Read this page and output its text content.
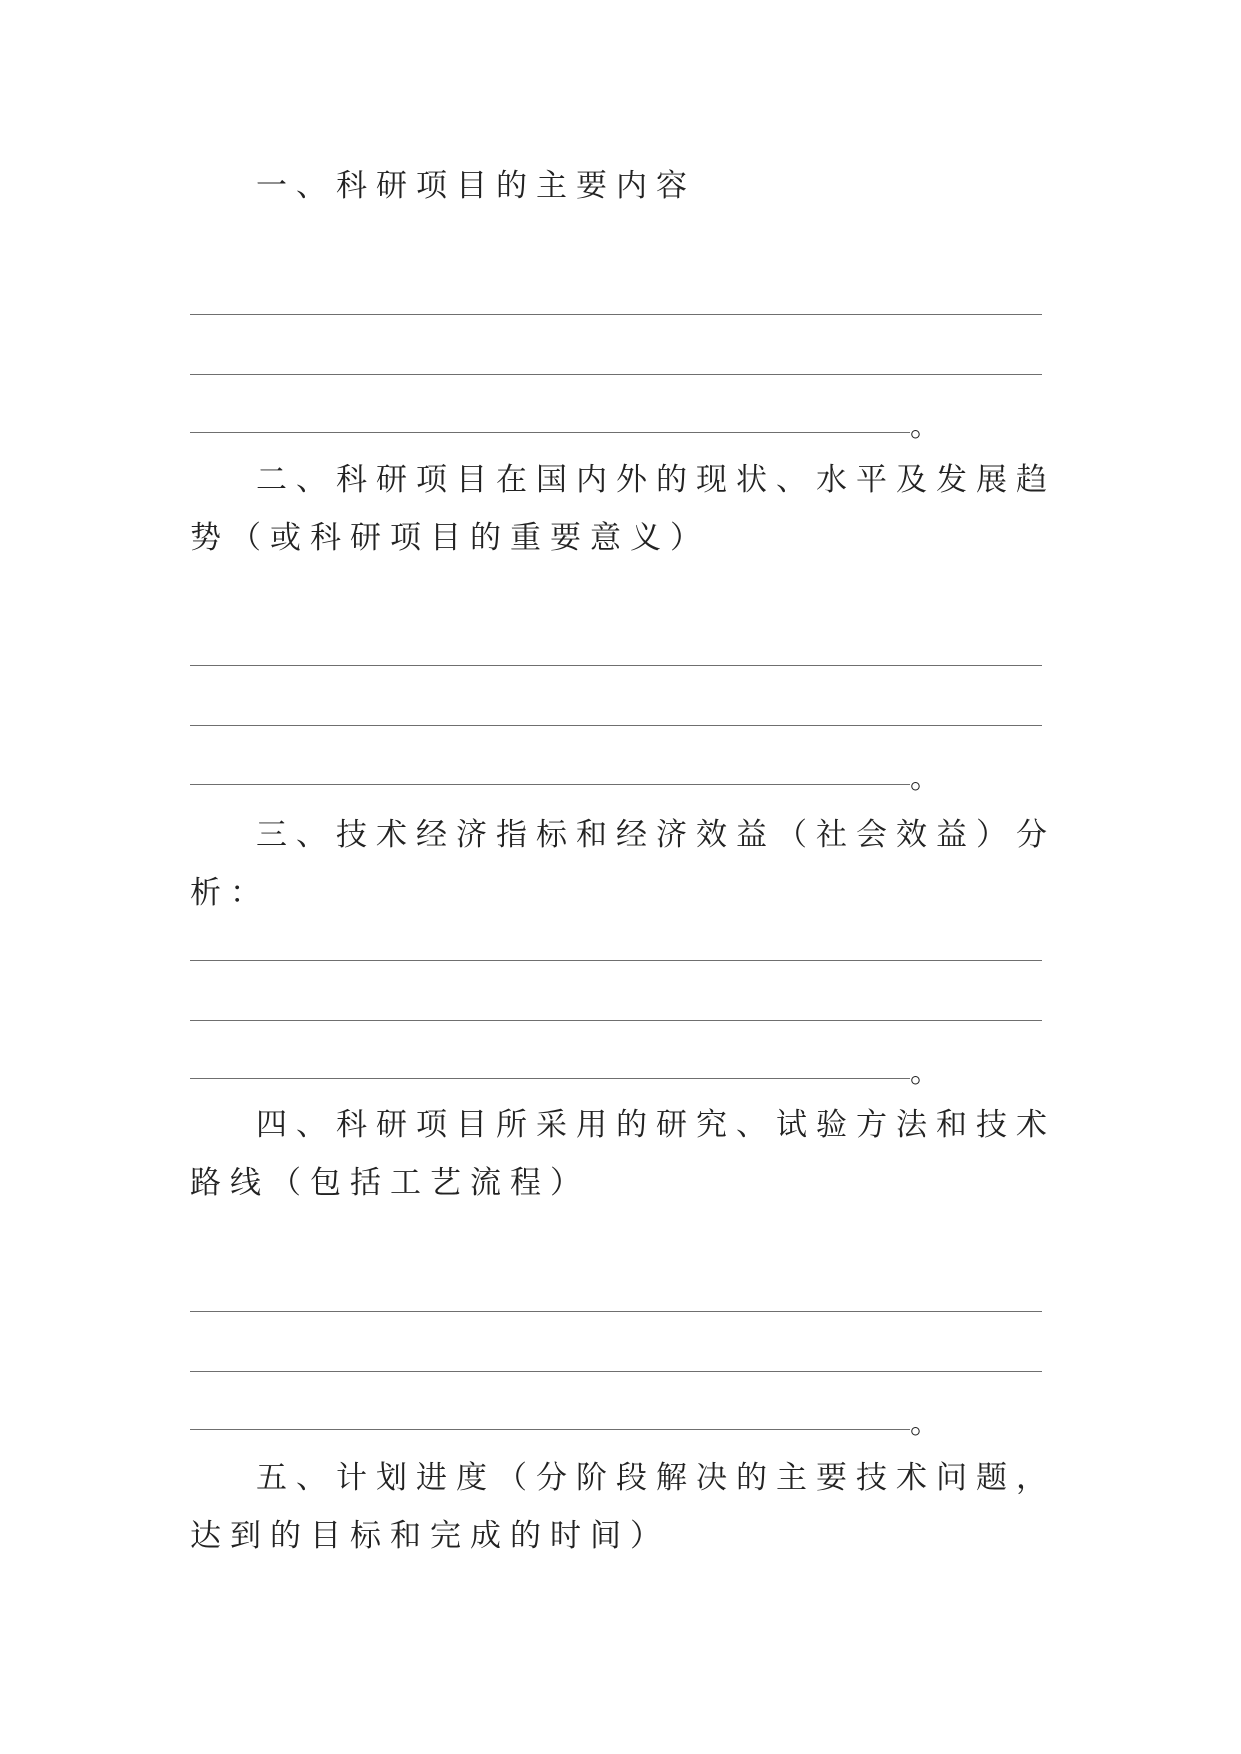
一、科研项目的主要内容

。

二、科研项目在国内外的现状、水平及发展趋势（或科研项目的重要意义）

。

三、技术经济指标和经济效益（社会效益）分析：

。

四、科研项目所采用的研究、试验方法和技术路线（包括工艺流程）

。

五、计划进度（分阶段解决的主要技术问题，达到的目标和完成的时间）
